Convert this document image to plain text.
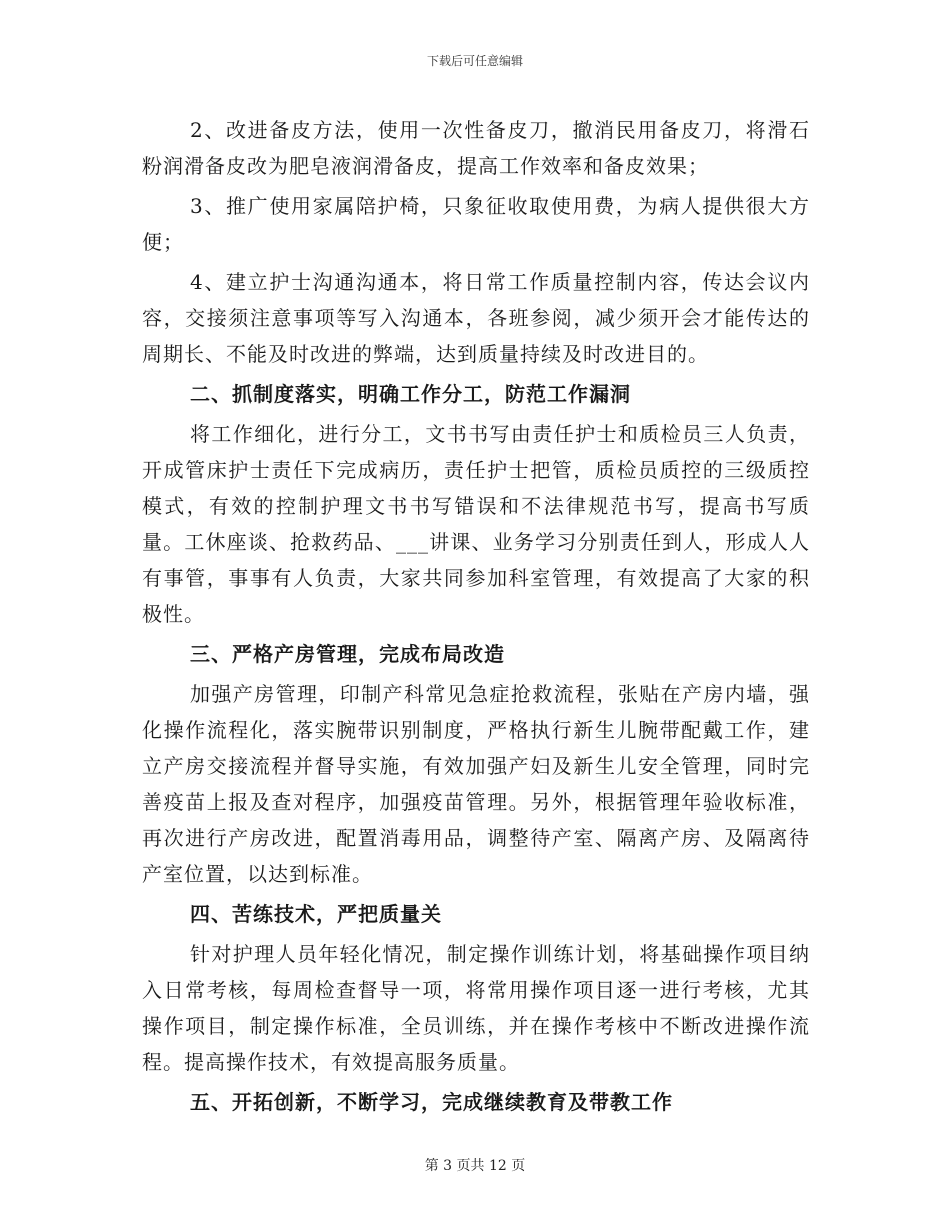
下载后可任意编辑

2、改进备皮方法，使用一次性备皮刀，撤消民用备皮刀，将滑石粉润滑备皮改为肥皂液润滑备皮，提高工作效率和备皮效果；

3、推广使用家属陪护椅，只象征收取使用费，为病人提供很大方便；

4、建立护士沟通沟通本，将日常工作质量控制内容，传达会议内容，交接须注意事项等写入沟通本，各班参阅，减少须开会才能传达的周期长、不能及时改进的弊端，达到质量持续及时改进目的。

二、抓制度落实，明确工作分工，防范工作漏洞

将工作细化，进行分工，文书书写由责任护士和质检员三人负责，开成管床护士责任下完成病历，责任护士把管，质检员质控的三级质控模式，有效的控制护理文书书写错误和不法律规范书写，提高书写质量。工休座谈、抢救药品、___讲课、业务学习分别责任到人，形成人人有事管，事事有人负责，大家共同参加科室管理，有效提高了大家的积极性。

三、严格产房管理，完成布局改造

加强产房管理，印制产科常见急症抢救流程，张贴在产房内墙，强化操作流程化，落实腕带识别制度，严格执行新生儿腕带配戴工作，建立产房交接流程并督导实施，有效加强产妇及新生儿安全管理，同时完善疫苗上报及查对程序，加强疫苗管理。另外，根据管理年验收标准，再次进行产房改进，配置消毒用品，调整待产室、隔离产房、及隔离待产室位置，以达到标准。

四、苦练技术，严把质量关

针对护理人员年轻化情况，制定操作训练计划，将基础操作项目纳入日常考核，每周检查督导一项，将常用操作项目逐一进行考核，尤其操作项目，制定操作标准，全员训练，并在操作考核中不断改进操作流程。提高操作技术，有效提高服务质量。

五、开拓创新，不断学习，完成继续教育及带教工作

第 3 页共 12 页
